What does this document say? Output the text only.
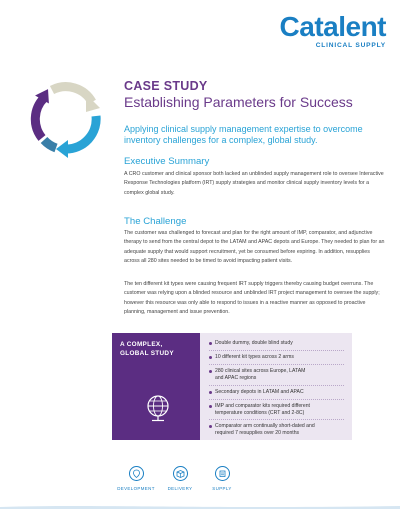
Catalent
CLINICAL SUPPLY
CASE STUDY
Establishing Parameters for Success
Applying clinical supply management expertise to overcome inventory challenges for a complex, global study.
Executive Summary
A CRO customer and clinical sponsor both lacked an unblinded supply management role to oversee Interactive Response Technologies platform (IRT) supply strategies and monitor clinical supply inventory levels for a complex global study.
The Challenge
The customer was challenged to forecast and plan for the right amount of IMP, comparator, and adjunctive therapy to send from the central depot to the LATAM and APAC depots and Europe. They needed to plan for an adequate supply that would support recruitment, yet be consumed before expiring. In addition, resupplies across all 280 sites needed to be timed to avoid impacting patient visits.
The ten different kit types were causing frequent IRT supply triggers thereby causing budget overruns. The customer was relying upon a blinded resource and unblinded IRT project management to oversee the supply; however this resource was only able to respond to issues in a reactive manner as opposed to proactive planning, management and issue prevention.
A COMPLEX,
GLOBAL STUDY
Double dummy, double blind study
10 different kit types across 2 arms
280 clinical sites across Europe, LATAM and APAC regions
Secondary depots in LATAM and APAC
IMP and comparator kits required different temperature conditions (CRT and 2-8C)
Comparator arm continually short-dated and required 7 resupplies over 20 months
DEVELOPMENT	DELIVERY	SUPPLY
